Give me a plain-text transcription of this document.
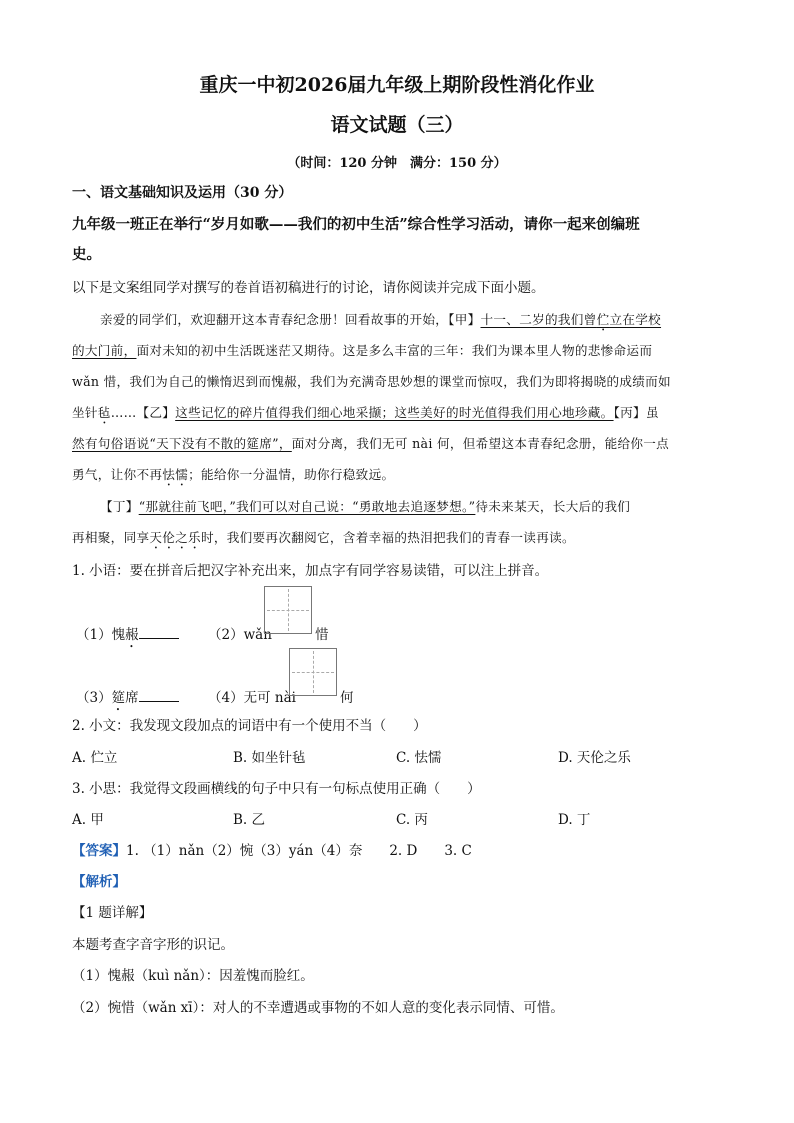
重庆一中初2026届九年级上期阶段性消化作业
语文试题（三）
（时间：120 分钟　满分：150 分）
一、语文基础知识及运用（30 分）
九年级一班正在举行“岁月如歌——我们的初中生活”综合性学习活动，请你一起来创编班
史。
以下是文案组同学对撰写的卷首语初稿进行的讨论，请你阅读并完成下面小题。
亲爱的同学们，欢迎翻开这本青春纪念册！回看故事的开始，【甲】十一、二岁的我们曾伫立在学校
的大门前，面对未知的初中生活既迷茫又期待。这是多么丰富的三年：我们为课本里人物的悲惨命运而
wǎn 惜，我们为自己的懒惰迟到而愧赧，我们为充满奇思妙想的课堂而惊叹，我们为即将揭晓的成绩而如
坐针毡……【乙】这些记忆的碎片值得我们细心地采撷；这些美好的时光值得我们用心地珍藏。【丙】虽
然有句俗语说“天下没有不散的筵席”，面对分离，我们无可 nài 何，但希望这本青春纪念册，能给你一点
勇气，让你不再怯懦；能给你一分温情，助你行稳致远。
【丁】“那就往前飞吧，”我们可以对自己说：“勇敢地去追逐梦想。”待未来某天，长大后的我们
再相聚，同享天伦之乐时，我们要再次翻阅它，含着幸福的热泪把我们的青春一读再读。
1. 小语：要在拼音后把汉字补充出来，加点字有同学容易读错，可以注上拼音。
（1）愧赧	（2）wǎn	惜
（3）筵席	（4）无可 nài	何
2. 小文：我发现文段加点的词语中有一个使用不当（　　）
A. 伫立	B. 如坐针毡	C. 怯懦	D. 天伦之乐
3. 小思：我觉得文段画横线的句子中只有一句标点使用正确（　　）
A. 甲	B. 乙	C. 丙	D. 丁
【答案】1. （1）nǎn（2）惋（3）yán（4）奈　　2. D　　3. C
【解析】
【1 题详解】
本题考查字音字形的识记。
（1）愧赧（kuì nǎn）：因羞愧而脸红。
（2）惋惜（wǎn xī）：对人的不幸遭遇或事物的不如人意的变化表示同情、可惜。
